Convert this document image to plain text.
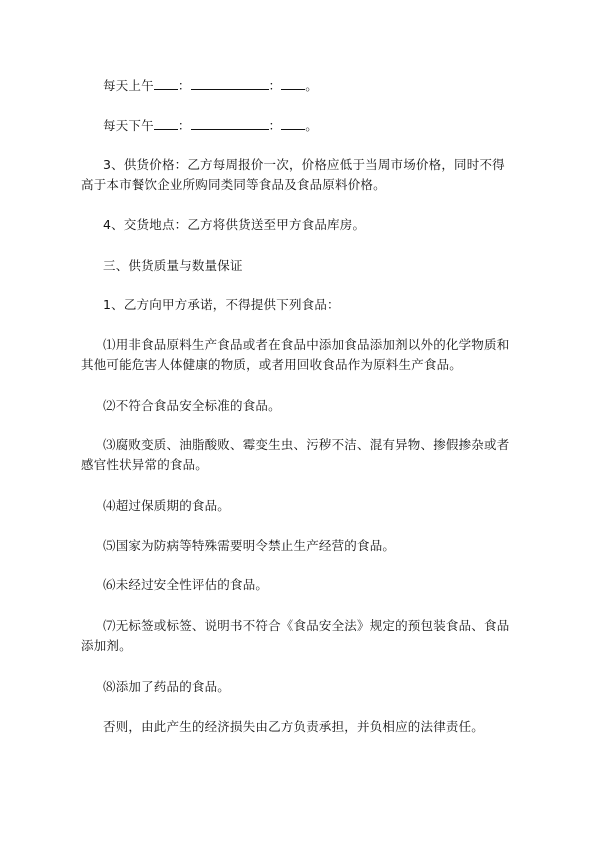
每天上午 ：	： 。

每天下午 ：	： 。

3、供货价格：乙方每周报价一次，价格应低于当周市场价格，同时不得高于本市餐饮企业所购同类同等食品及食品原料价格。

4、交货地点：乙方将供货送至甲方食品库房。

三、供货质量与数量保证

1、乙方向甲方承诺，不得提供下列食品：

⑴用非食品原料生产食品或者在食品中添加食品添加剂以外的化学物质和其他可能危害人体健康的物质，或者用回收食品作为原料生产食品。

⑵不符合食品安全标准的食品。

⑶腐败变质、油脂酸败、霉变生虫、污秽不洁、混有异物、掺假掺杂或者感官性状异常的食品。

⑷超过保质期的食品。

⑸国家为防病等特殊需要明令禁止生产经营的食品。

⑹未经过安全性评估的食品。

⑺无标签或标签、说明书不符合《食品安全法》规定的预包装食品、食品添加剂。

⑻添加了药品的食品。

否则，由此产生的经济损失由乙方负责承担，并负相应的法律责任。
